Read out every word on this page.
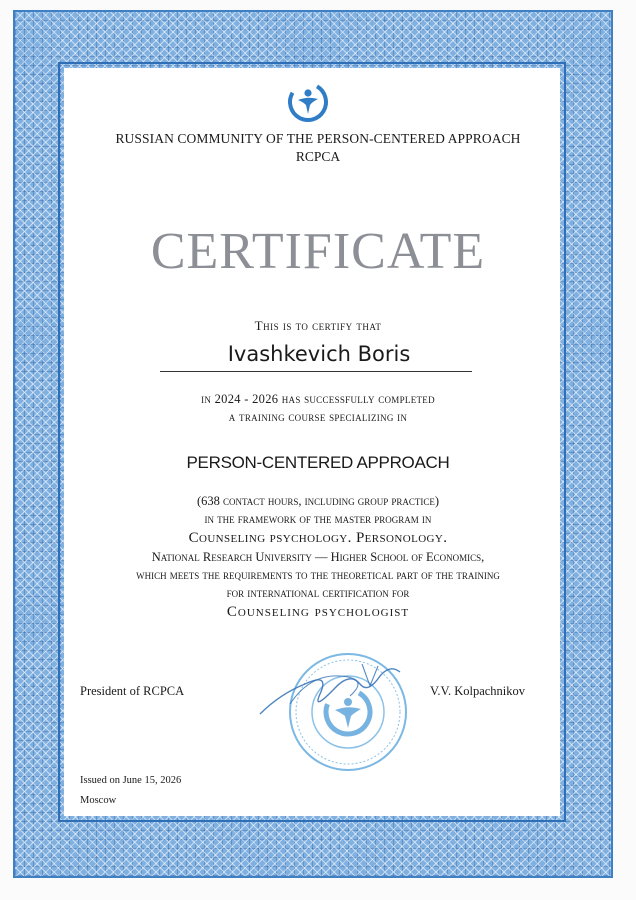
RUSSIAN COMMUNITY OF THE PERSON-CENTERED APPROACH
RCPCA
CERTIFICATE
This is to certify that
Ivashkevich Boris
in 2024 - 2026 has successfully completed
a training course specializing in
PERSON-CENTERED APPROACH
(638 contact hours, including group practice)
in the framework of the master program in
Counseling psychology. Personology.
National Research University — Higher School of Economics,
which meets the requirements to the theoretical part of the training
for international certification for
Counseling psychologist
President of RCPCA	V.V. Kolpachnikov
Issued on June 15, 2026
Moscow
